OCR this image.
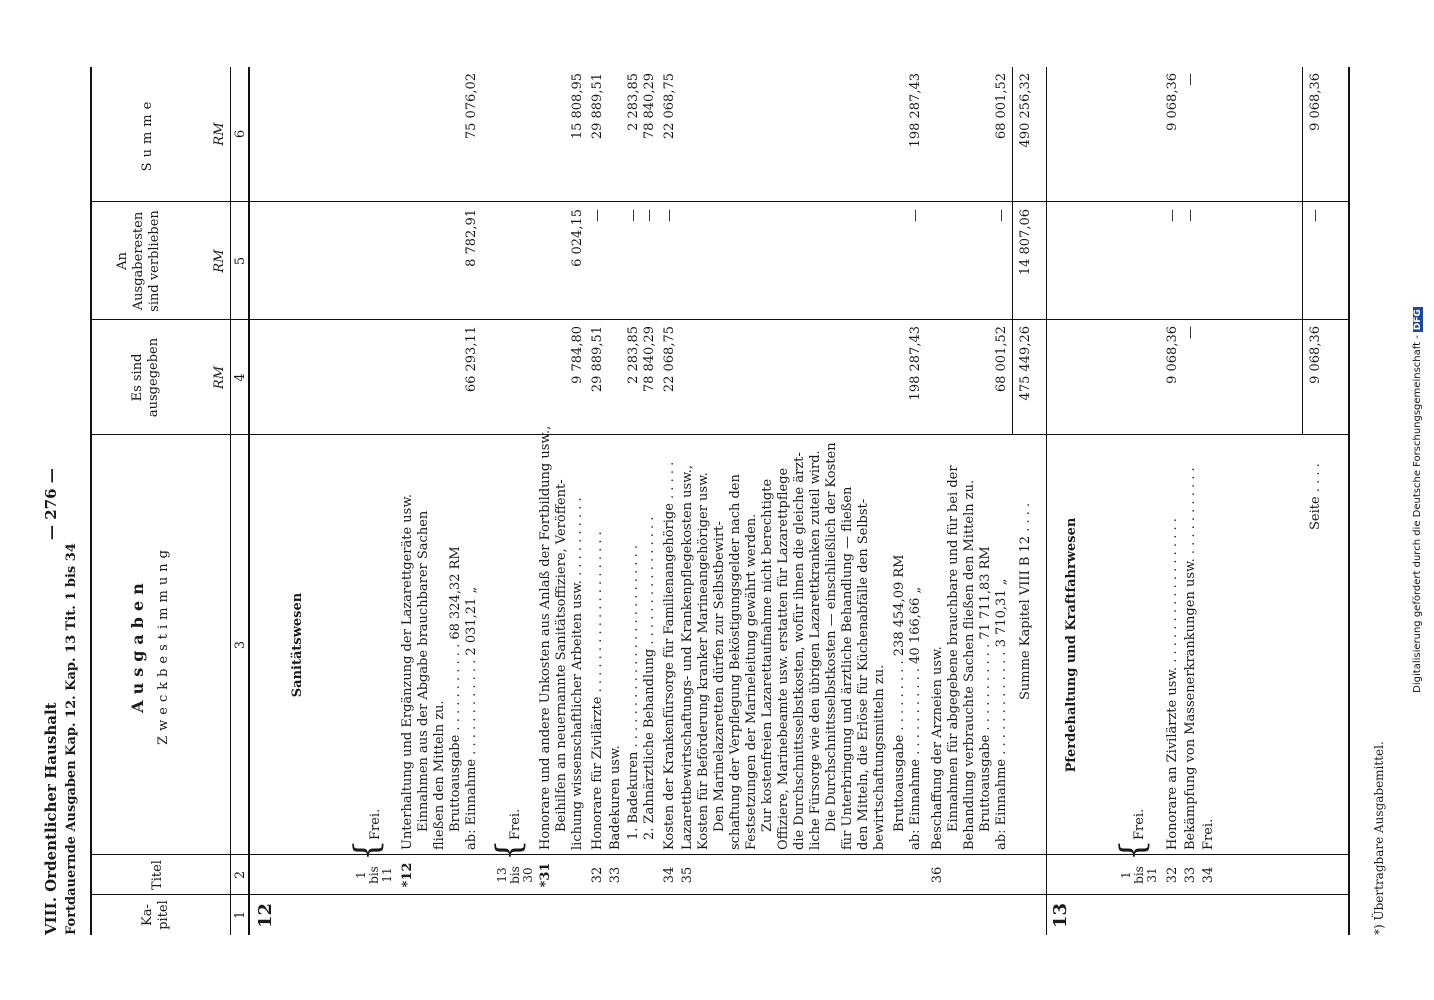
VIII. Ordentlicher Haushalt
— 276 —
Fortdauernde Ausgaben Kap. 12. Kap. 13 Tit. 1 bis 34	Ka-
pitel
Titel
Ausgaben Zweckbestimmung
Es sind
ausgegeben
An
Ausgaberesten
sind verblieben
Summe
RM
RM
RM
1
2
3
4
5
6
12
Sanitätswesen
1
bis
11
{
Frei.
*12
Unterhaltung und Ergänzung der Lazarettgeräte usw. Einnahmen aus der Abgabe brauchbarer Sachen fließen den Mitteln zu. Bruttoausgabe . . . . . . . . . . . 68 324,32 RM ab: Einnahme . . . . . . . . . . . . 2 031,21 „
66 293,11
8 782,91
75 076,02
13
bis
30
{
Frei.
*31
Honorare und andere Unkosten aus Anlaß der Fortbildung usw., Beihilfen an neuernannte Sanitätsoffiziere, Veröffent- lichung wissenschaftlicher Arbeiten usw. . . . . . . . . . .
9 784,80
6 024,15
15 808,95
32
Honorare für Zivilärzte . . . . . . . . . . . . . . . . . . . .
29 889,51
—
29 889,51
33
Badekuren usw. 1. Badekuren . . . . . . . . . . . . . . . . . . . . . . . . . 2. Zahnärztliche Behandlung . . . . . . . . . . . . . . . .
2 283,85
—
2 283,85
78 840,29
—
78 840,29
34
Kosten der Krankenfürsorge für Familienangehörige . . . . .
22 068,75
—
22 068,75
35
Lazarettbewirtschaftungs- und Krankenpflegekosten usw., Kosten für Beförderung kranker Marineangehöriger usw. Den Marinelazaretten dürfen zur Selbstbewirt- schaftung der Verpflegung Beköstigungsgelder nach den Festsetzungen der Marineleitung gewährt werden. Zur kostenfreien Lazarettaufnahme nicht berechtigte Offiziere, Marinebeamte usw. erstatten für Lazarettpflege die Durchschnittsselbstkosten, wofür ihnen die gleiche ärzt- liche Fürsorge wie den übrigen Lazarettkranken zuteil wird. Die Durchschnittsselbstkosten — einschließlich der Kosten für Unterbringung und ärztliche Behandlung — fließen den Mitteln, die Erlöse für Küchenabfälle den Selbst- bewirtschaftungsmitteln zu. Bruttoausgabe . . . . . . . . . 238 454,09 RM ab: Einnahme . . . . . . . . . . . 40 166,66 „
198 287,43
—
198 287,43
36
Beschaffung der Arzneien usw. Einnahmen für abgegebene brauchbare und für bei der Behandlung verbrauchte Sachen fließen den Mitteln zu. Bruttoausgabe . . . . . . . . . . . 71 711,83 RM ab: Einnahme . . . . . . . . . . . . . 3 710,31 „
68 001,52
—
68 001,52
Summe Kapitel VIII B 12 . . . .
475 449,26
14 807,06
490 256,32
13
Pferdehaltung und Kraftfahrwesen
1
bis
31
{
Frei.
32
Honorare an Zivilärzte usw. . . . . . . . . . . . . . . . . . .
9 068,36
—
9 068,36
33
Bekämpfung von Massenerkrankungen usw. . . . . . . . . . . .
—
—
—
34
Frei.
Seite . . . .
9 068,36
—
9 068,36
*) Übertragbare Ausgabemittel.
Digitalisierung gefördert durch die Deutsche Forschungsgemeinschaft -DFG
